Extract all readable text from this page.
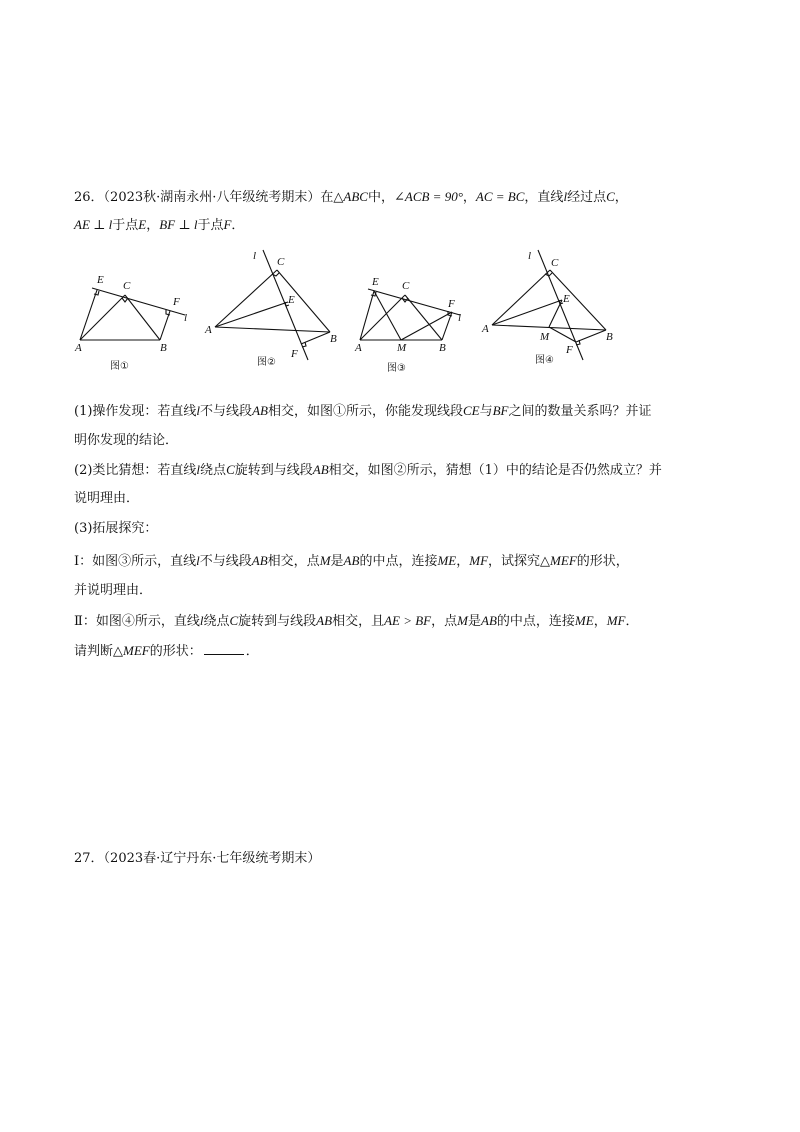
26．（2023秋·湖南永州·八年级统考期末）在△ABC中，∠ACB = 90°，AC = BC，直线l经过点C，
AE ⊥ l于点E，BF ⊥ l于点F．
E C
F
l
A	B
图①
l C
E
A
B
F
图②
E C
F
l
A	M	B
图③
l
C
E
A
B
M
F
图④
(1)操作发现：若直线l不与线段AB相交，如图①所示，你能发现线段CE与BF之间的数量关系吗？并证
明你发现的结论．
(2)类比猜想：若直线l绕点C旋转到与线段AB相交，如图②所示，猜想（1）中的结论是否仍然成立？并
说明理由．
(3)拓展探究：
Ⅰ：如图③所示，直线l不与线段AB相交，点M是AB的中点，连接ME，MF，试探究△MEF的形状，
并说明理由．
Ⅱ：如图④所示，直线l绕点C旋转到与线段AB相交，且AE > BF，点M是AB的中点，连接ME，MF．
请判断△MEF的形状：	．
27．（2023春·辽宁丹东·七年级统考期末）
